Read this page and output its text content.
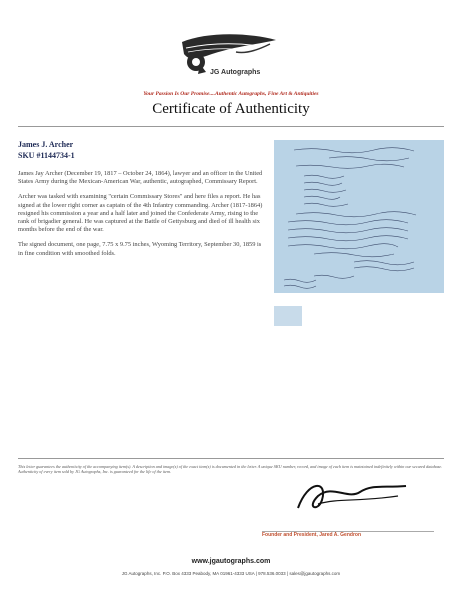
JG Autographs
Your Passion Is Our Promise....Authentic Autographs, Fine Art & Antiquities
Certificate of Authenticity
James J. Archer
SKU #1144734-1

James Jay Archer (December 19, 1817 – October 24, 1864), lawyer and an officer in the United States Army during the Mexican-American War, authentic, autographed, Commissary Report.

Archer was tasked with examining "certain Commissary Stores" and here files a report. He has signed at the lower right corner as captain of the 4th Infantry commanding. Archer (1817-1864) resigned his commission a year and a half later and joined the Confederate Army, rising to the rank of brigadier general. He was captured at the Battle of Gettysburg and died of ill health six months before the end of the war.

The signed document, one page, 7.75 x 9.75 inches, Wyoming Territory, September 30, 1859 is in fine condition with smoothed folds.

This letter guarantees the authenticity of the accompanying item(s). A description and image(s) of the exact item(s) is documented in the letter. A unique SKU number, record, and image of each item is maintained indefinitely within our secured database. Authenticity of every item sold by JG Autographs, Inc. is guaranteed for the life of the item.
Founder and President, Jared A. Gendron
www.jgautographs.com
JG Autographs, Inc. P.O. Box 4333 Peabody, MA 01961-4333 USA | 978.536.0033 | sales@jgautographs.com
